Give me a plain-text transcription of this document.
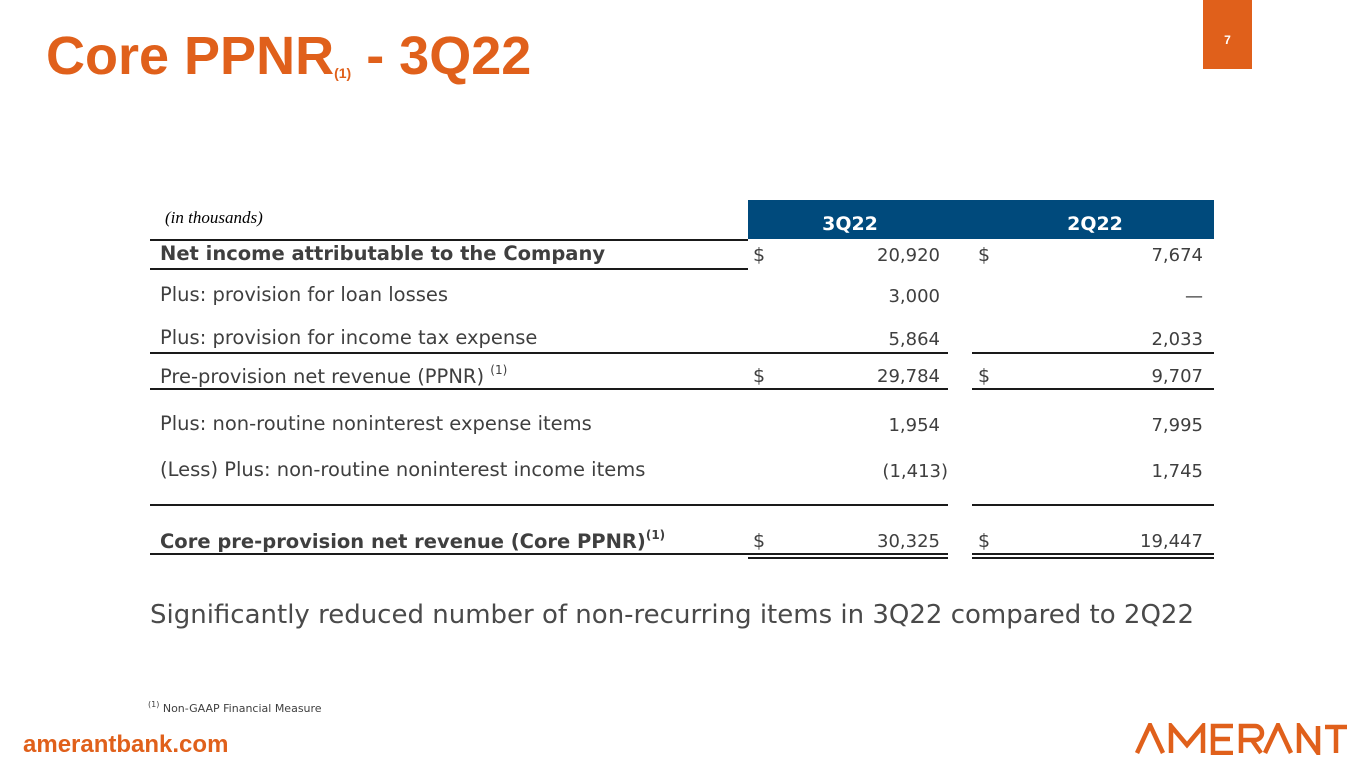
Core $PPNR_{(1)} - 3Q22$	7
(in thousands)	3Q22	2Q22
Net income attributable to the Company	$	20,920 $	7,674
Plus: provision for loan losses	3,000	—
Plus: provision for income tax expense	5,864	2,033
Pre-provision net revenue (PPNR) $^{(1)}$	$	29,784 $	9,707
Plus: non-routine noninterest expense items	1,954	7,995
(Less) Plus: non-routine noninterest income items	(1,413)	1,745
Core pre-provision net revenue (Core PPNR)$^{(1)}$	$	30,325 $	19,447
Significantly reduced number of non-recurring items in 3Q22 compared to 2Q22
$^{(1)}$ Non-GAAP Financial Measure
amerantbank.com
